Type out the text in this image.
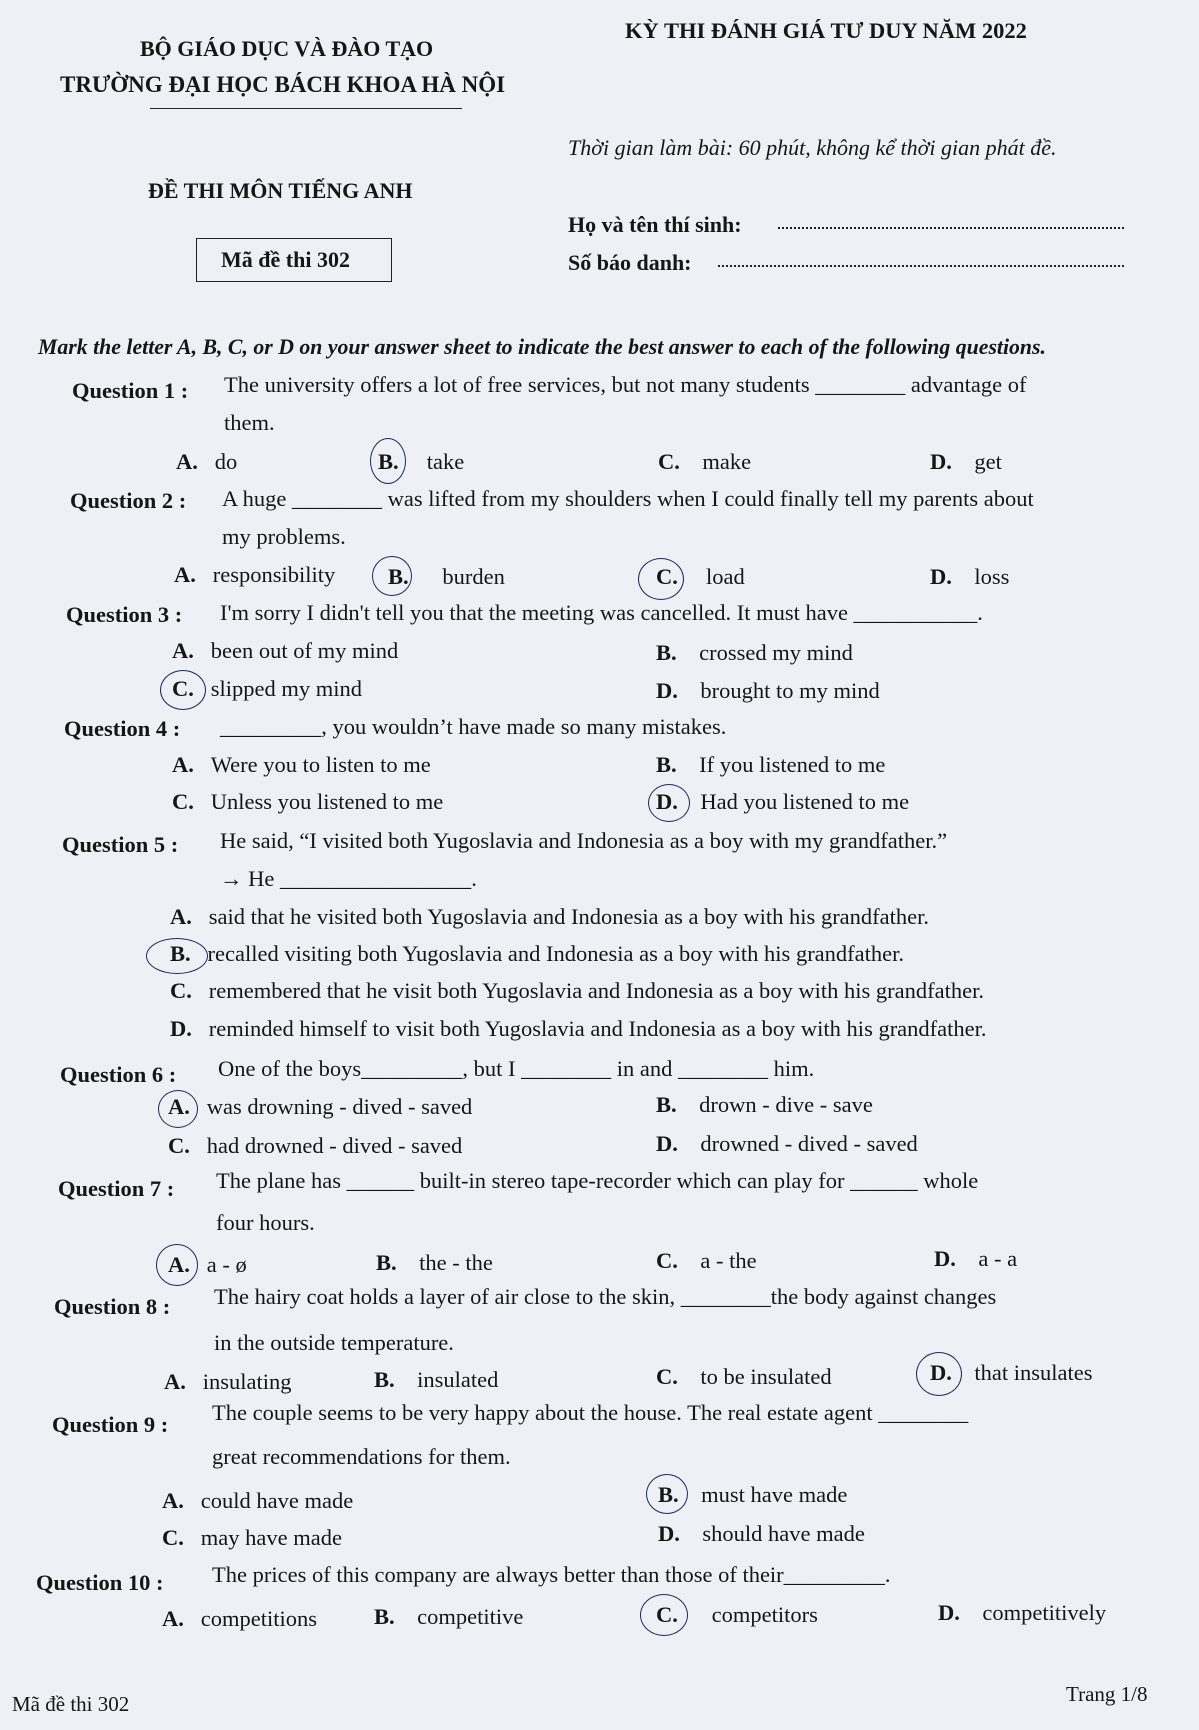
BỘ GIÁO DỤC VÀ ĐÀO TẠO
TRƯỜNG ĐẠI HỌC BÁCH KHOA HÀ NỘI
KỲ THI ĐÁNH GIÁ TƯ DUY NĂM 2022
Thời gian làm bài: 60 phút, không kể thời gian phát đề.
ĐỀ THI MÔN TIẾNG ANH
Mã đề thi 302
Họ và tên thí sinh:
Số báo danh:
Mark the letter A, B, C, or D on your answer sheet to indicate the best answer to each of the following questions.
Question 1 : The university offers a lot of free services, but not many students ________ advantage of
them.
A. do	B. take	C. make	D. get
Question 2 : A huge ________ was lifted from my shoulders when I could finally tell my parents about
my problems.
A. responsibility B. burden	C. load	D. loss
Question 3 : I'm sorry I didn't tell you that the meeting was cancelled. It must have ___________.
A. been out of my mind	B. crossed my mind
C. slipped my mind	D. brought to my mind
Question 4 : _________, you wouldn’t have made so many mistakes.
A. Were you to listen to me	B. If you listened to me
C. Unless you listened to me	D. Had you listened to me
Question 5 : He said, “I visited both Yugoslavia and Indonesia as a boy with my grandfather.”
→ He _________________.
A. said that he visited both Yugoslavia and Indonesia as a boy with his grandfather.
B. recalled visiting both Yugoslavia and Indonesia as a boy with his grandfather.
C. remembered that he visit both Yugoslavia and Indonesia as a boy with his grandfather.
D. reminded himself to visit both Yugoslavia and Indonesia as a boy with his grandfather.
Question 6 : One of the boys_________, but I ________ in and ________ him.
A. was drowning - dived - saved	B. drown - dive - save
C. had drowned - dived - saved	D. drowned - dived - saved
Question 7 : The plane has ______ built-in stereo tape-recorder which can play for ______ whole
four hours.
A. a - ø	B. the - the	C. a - the	D. a - a
Question 8 : The hairy coat holds a layer of air close to the skin, ________the body against changes
in the outside temperature.
A. insulating	B. insulated	C. to be insulated	D. that insulates
Question 9 : The couple seems to be very happy about the house. The real estate agent ________
great recommendations for them.
A. could have made	B. must have made
C. may have made	D. should have made
Question 10 : The prices of this company are always better than those of their_________.
A. competitions	B. competitive	C. competitors	D. competitively
Mã đề thi 302	Trang 1/8
